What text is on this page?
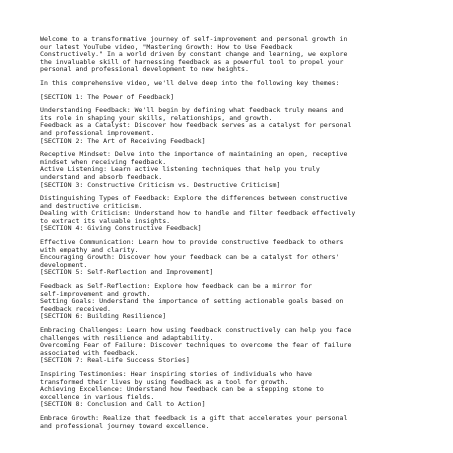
Welcome to a transformative journey of self-improvement and personal growth in
our latest YouTube video, "Mastering Growth: How to Use Feedback
Constructively." In a world driven by constant change and learning, we explore
the invaluable skill of harnessing feedback as a powerful tool to propel your
personal and professional development to new heights.
In this comprehensive video, we'll delve deep into the following key themes:
[SECTION 1: The Power of Feedback]
Understanding Feedback: We'll begin by defining what feedback truly means and
its role in shaping your skills, relationships, and growth.
Feedback as a Catalyst: Discover how feedback serves as a catalyst for personal
and professional improvement.
[SECTION 2: The Art of Receiving Feedback]
Receptive Mindset: Delve into the importance of maintaining an open, receptive
mindset when receiving feedback.
Active Listening: Learn active listening techniques that help you truly
understand and absorb feedback.
[SECTION 3: Constructive Criticism vs. Destructive Criticism]
Distinguishing Types of Feedback: Explore the differences between constructive
and destructive criticism.
Dealing with Criticism: Understand how to handle and filter feedback effectively
to extract its valuable insights.
[SECTION 4: Giving Constructive Feedback]
Effective Communication: Learn how to provide constructive feedback to others
with empathy and clarity.
Encouraging Growth: Discover how your feedback can be a catalyst for others'
development.
[SECTION 5: Self-Reflection and Improvement]
Feedback as Self-Reflection: Explore how feedback can be a mirror for
self-improvement and growth.
Setting Goals: Understand the importance of setting actionable goals based on
feedback received.
[SECTION 6: Building Resilience]
Embracing Challenges: Learn how using feedback constructively can help you face
challenges with resilience and adaptability.
Overcoming Fear of Failure: Discover techniques to overcome the fear of failure
associated with feedback.
[SECTION 7: Real-Life Success Stories]
Inspiring Testimonies: Hear inspiring stories of individuals who have
transformed their lives by using feedback as a tool for growth.
Achieving Excellence: Understand how feedback can be a stepping stone to
excellence in various fields.
[SECTION 8: Conclusion and Call to Action]
Embrace Growth: Realize that feedback is a gift that accelerates your personal
and professional journey toward excellence.
